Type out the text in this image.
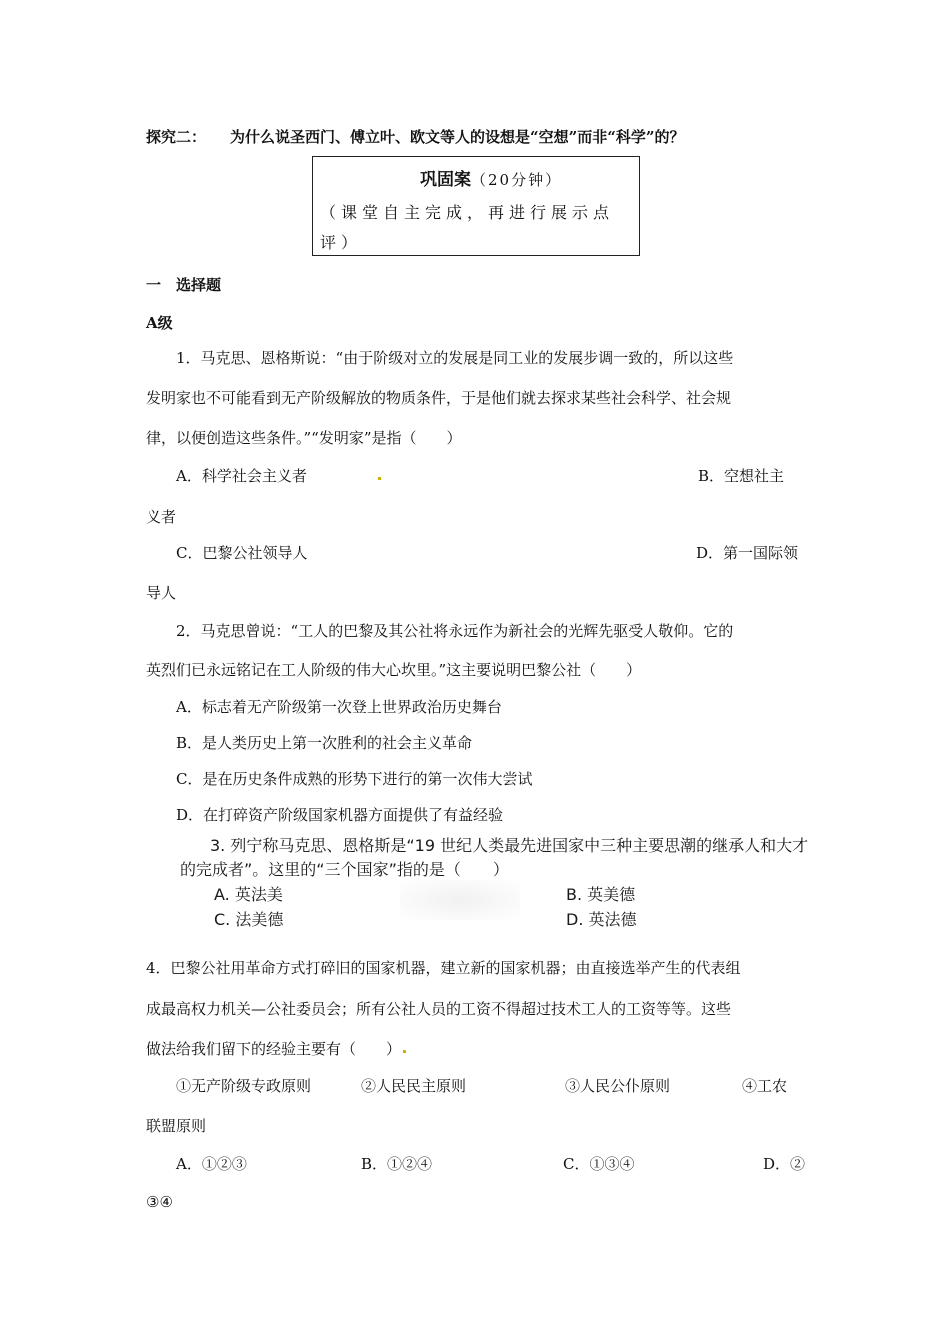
探究二： 为什么说圣西门、傅立叶、欧文等人的设想是“空想”而非“科学”的？
巩固案（20分钟）
（课堂自主完成，再进行展示点
评）
一　选择题
A级
1．马克思、恩格斯说：“由于阶级对立的发展是同工业的发展步调一致的，所以这些
发明家也不可能看到无产阶级解放的物质条件，于是他们就去探求某些社会科学、社会规
律，以便创造这些条件。”“发明家”是指（　　）
A．科学社会主义者	B．空想社主
义者
C．巴黎公社领导人	D．第一国际领
导人
2．马克思曾说：“工人的巴黎及其公社将永远作为新社会的光辉先驱受人敬仰。它的
英烈们已永远铭记在工人阶级的伟大心坎里。”这主要说明巴黎公社（　　）
A．标志着无产阶级第一次登上世界政治历史舞台
B．是人类历史上第一次胜利的社会主义革命
C．是在历史条件成熟的形势下进行的第一次伟大尝试
D．在打碎资产阶级国家机器方面提供了有益经验
3. 列宁称马克思、恩格斯是“19 世纪人类最先进国家中三种主要思潮的继承人和大才
的完成者”。这里的“三个国家”指的是（　　）
A. 英法美	B. 英美德
C. 法美德	D. 英法德
4．巴黎公社用革命方式打碎旧的国家机器，建立新的国家机器；由直接选举产生的代表组
成最高权力机关—公社委员会；所有公社人员的工资不得超过技术工人的工资等等。这些
做法给我们留下的经验主要有（　　）
①无产阶级专政原则	②人民民主原则	③人民公仆原则	④工农
联盟原则
A．①②③	B．①②④	C．①③④	D．②
③④
